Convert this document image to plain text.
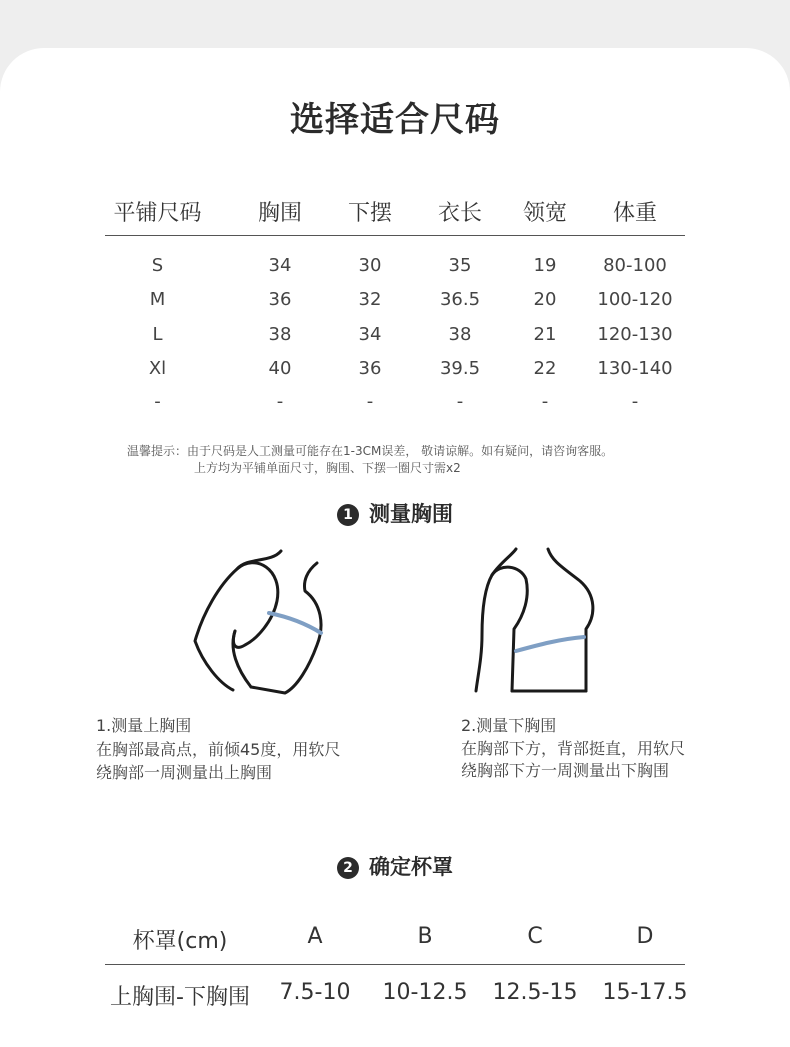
选择适合尺码
平铺尺码	胸围	下摆	衣长	领宽	体重
S	34	30	35	19	80-100
M	36	32	36.5	20	100-120
L	38	34	38	21	120-130
Xl	40	36	39.5	22	130-140
-	-	-	-	-	-
温馨提示：由于尺码是人工测量可能存在1-3CM误差， 敬请谅解。如有疑问，请咨询客服。
上方均为平铺单面尺寸，胸围、下摆一圈尺寸需x2
1 测量胸围
1.测量上胸围
在胸部最高点，前倾45度，用软尺
绕胸部一周测量出上胸围
2.测量下胸围
在胸部下方，背部挺直，用软尺
绕胸部下方一周测量出下胸围
2 确定杯罩
杯罩(cm)	A	B	C	D
上胸围-下胸围	7.5-10	10-12.5	12.5-15	15-17.5
